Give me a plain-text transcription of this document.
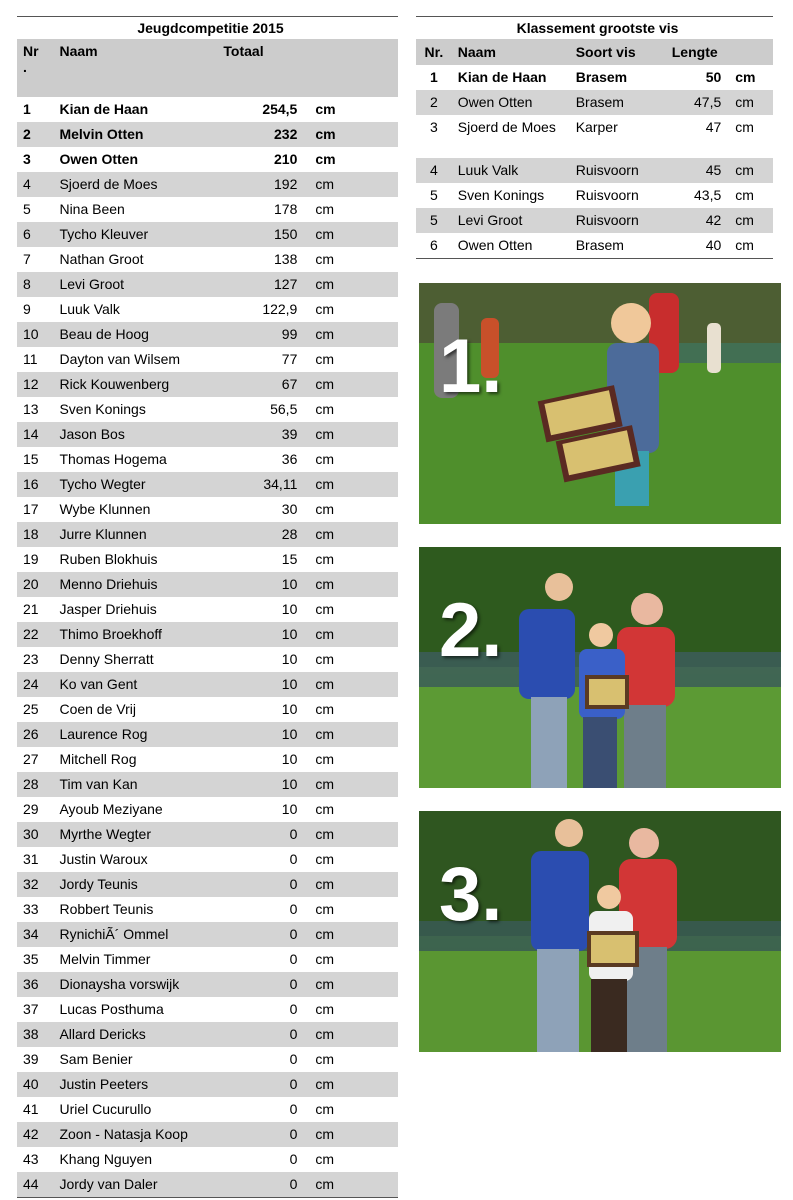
Jeugdcompetitie 2015				
Nr
.	Naam	Totaal		
1	Kian de Haan	254,5	cm	
2	Melvin Otten	232	cm	
3	Owen Otten	210	cm	
4	Sjoerd de Moes	192	cm	
5	Nina Been	178	cm	
6	Tycho Kleuver	150	cm	
7	Nathan Groot	138	cm	
8	Levi Groot	127	cm	
9	Luuk Valk	122,9	cm	
10	Beau de Hoog	99	cm	
11	Dayton van Wilsem	77	cm	
12	Rick Kouwenberg	67	cm	
13	Sven Konings	56,5	cm	
14	Jason Bos	39	cm	
15	Thomas Hogema	36	cm	
16	Tycho Wegter	34,11	cm	
17	Wybe Klunnen	30	cm	
18	Jurre Klunnen	28	cm	
19	Ruben Blokhuis	15	cm	
20	Menno Driehuis	10	cm	
21	Jasper Driehuis	10	cm	
22	Thimo Broekhoff	10	cm	
23	Denny Sherratt	10	cm	
24	Ko van Gent	10	cm	
25	Coen de Vrij	10	cm	
26	Laurence Rog	10	cm	
27	Mitchell Rog	10	cm	
28	Tim van Kan	10	cm	
29	Ayoub Meziyane	10	cm	
30	Myrthe Wegter	0	cm	
31	Justin Waroux	0	cm	
32	Jordy Teunis	0	cm	
33	Robbert Teunis	0	cm	
34	RynichiÃ´ Ommel	0	cm	
35	Melvin Timmer	0	cm	
36	Dionaysha vorswijk	0	cm	
37	Lucas Posthuma	0	cm	
38	Allard Dericks	0	cm	
39	Sam Benier	0	cm	
40	Justin Peeters	0	cm	
41	Uriel Cucurullo	0	cm	
42	Zoon - Natasja Koop	0	cm	
43	Khang Nguyen	0	cm	
44	Jordy van Daler	0	cm	
Klassement grootste vis				
Nr.	Naam	Soort vis	Lengte	
1	Kian de Haan	Brasem	50	cm
2	Owen Otten	Brasem	47,5	cm
3	Sjoerd de Moes	Karper	47	cm
4	Luuk Valk	Ruisvoorn	45	cm
5	Sven Konings	Ruisvoorn	43,5	cm
5	Levi Groot	Ruisvoorn	42	cm
6	Owen Otten	Brasem	40	cm
1.
2.
3.
